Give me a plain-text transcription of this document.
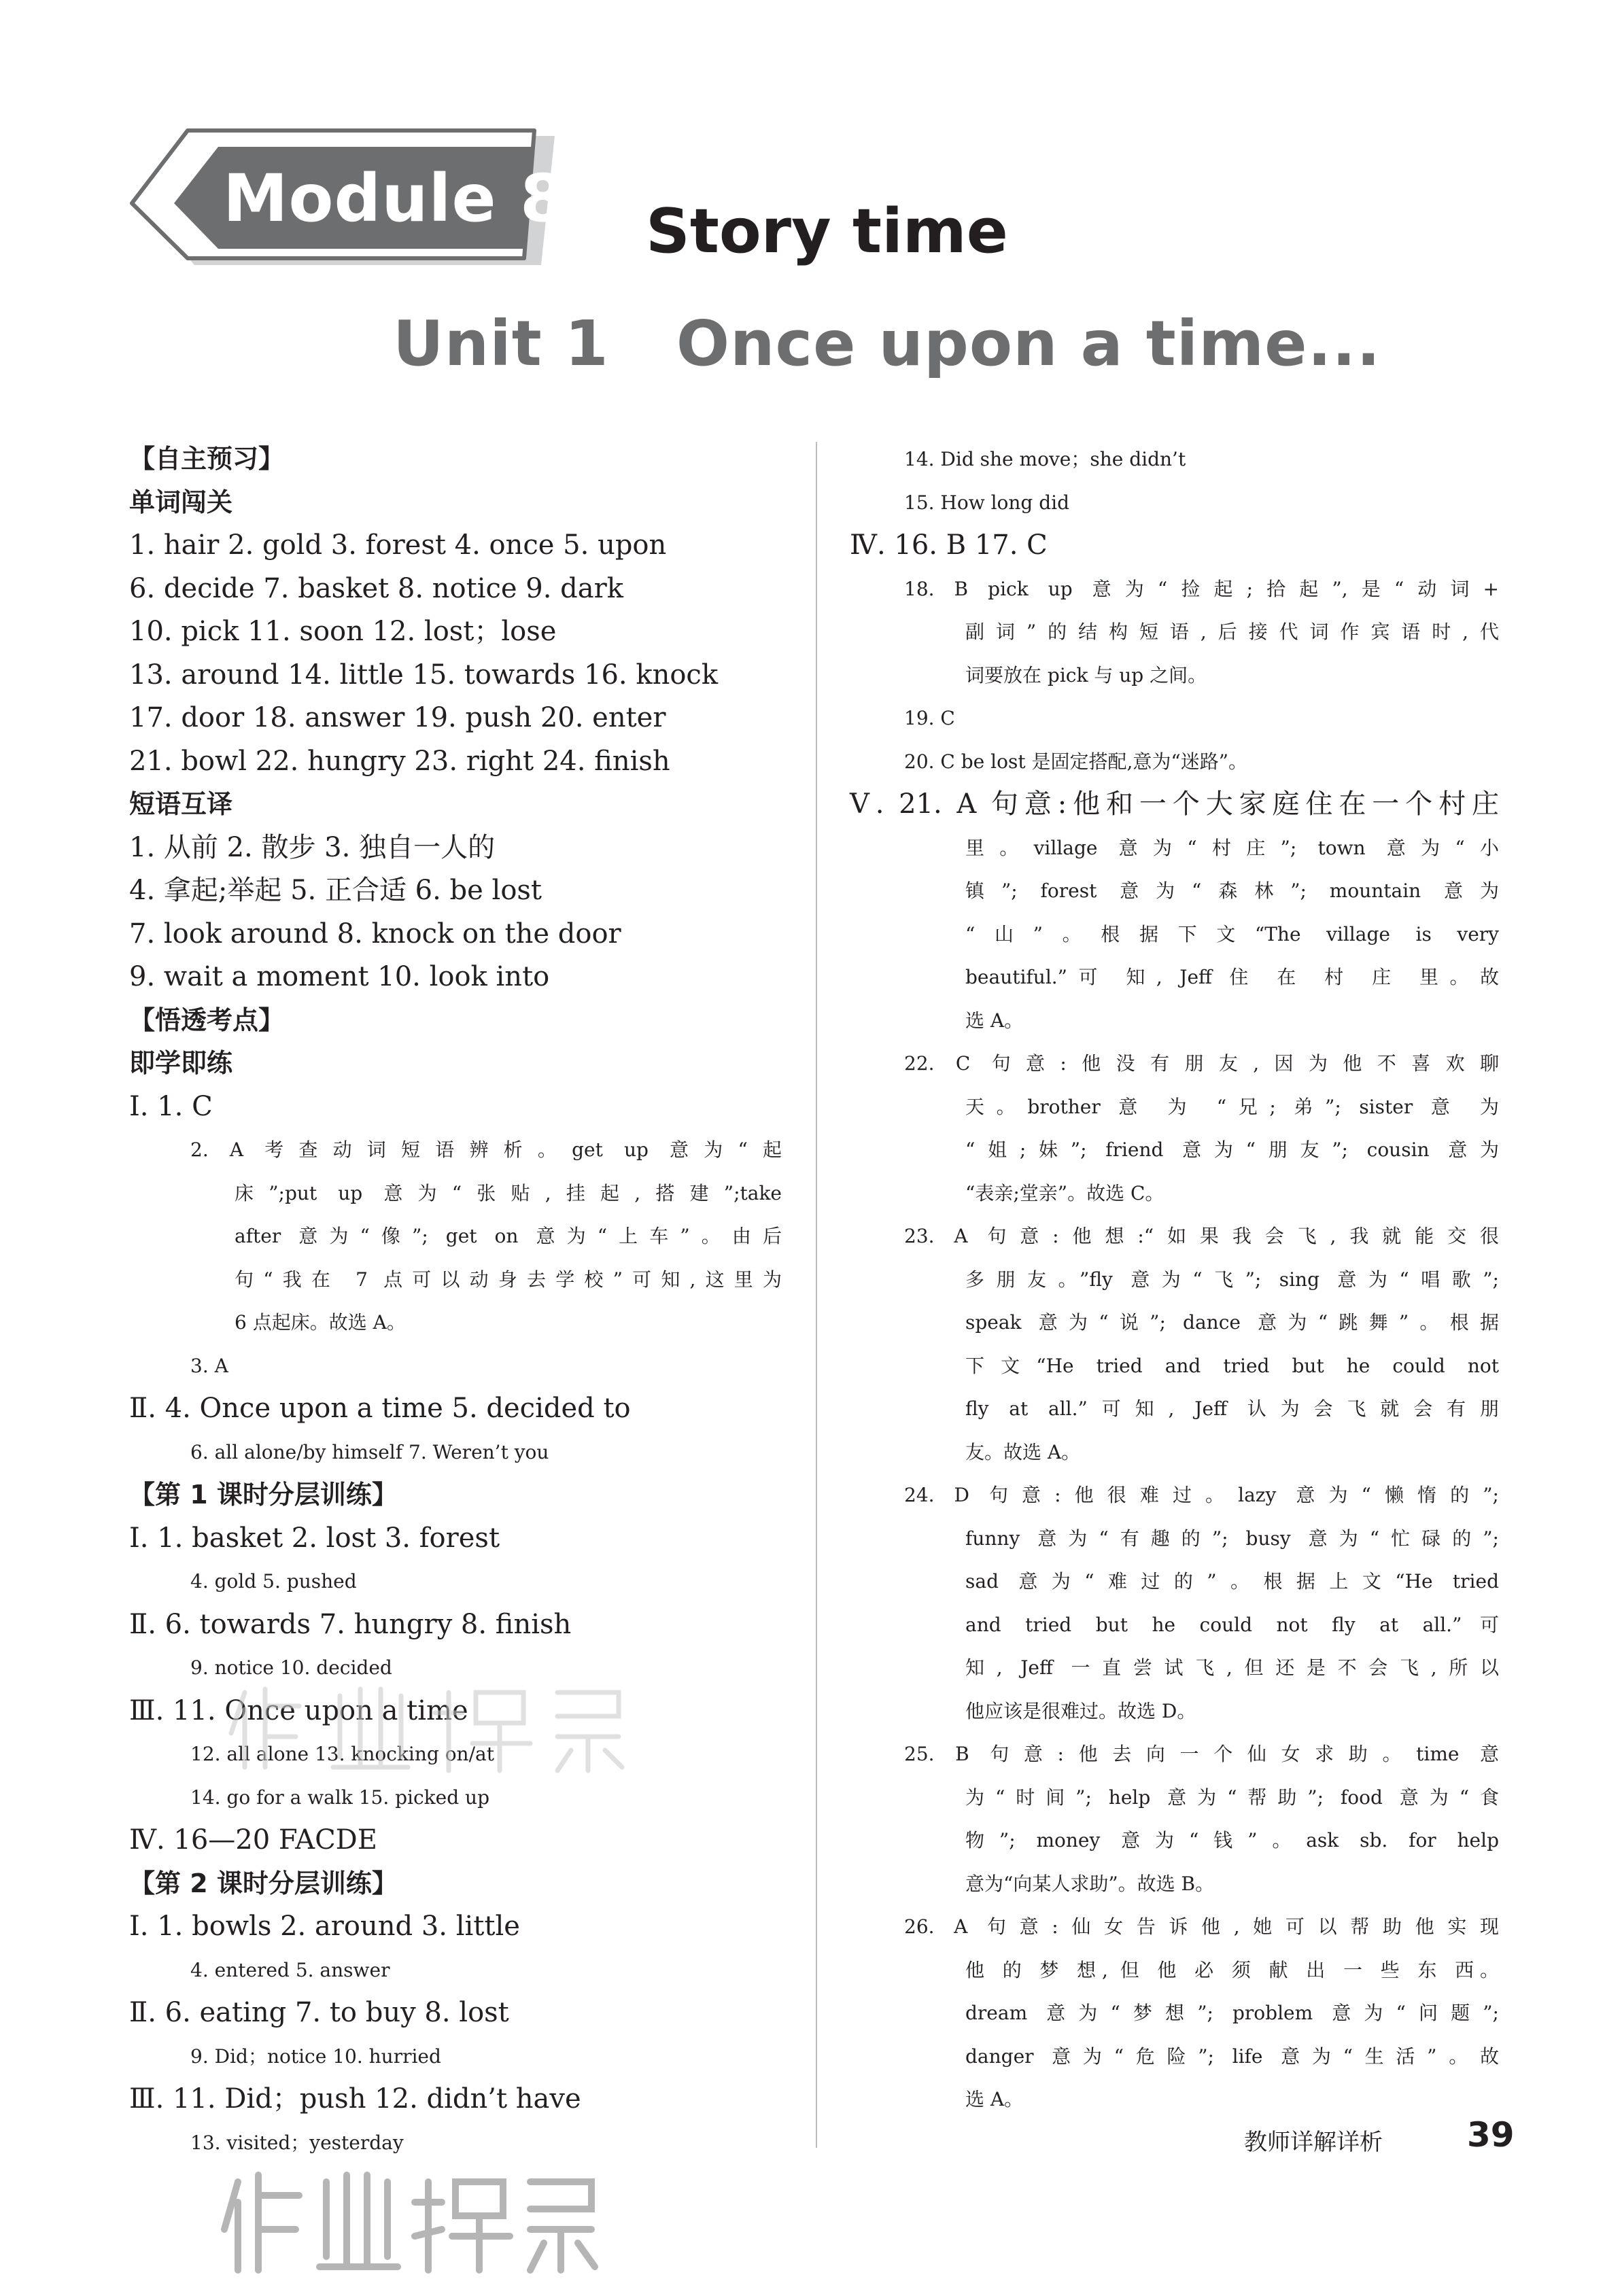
Module 8 Story time
Unit 1   Once upon a time...
【自主预习】
单词闯关
1. hair 2. gold 3. forest 4. once 5. upon
6. decide 7. basket 8. notice 9. dark
10. pick 11. soon 12. lost；lose
13. around 14. little 15. towards 16. knock
17. door 18. answer 19. push 20. enter
21. bowl 22. hungry 23. right 24. finish
短语互译
1. 从前 2. 散步 3. 独自一人的
4. 拿起;举起 5. 正合适 6. be lost
7. look around 8. knock on the door
9. wait a moment 10. look into
【悟透考点】
即学即练
Ⅰ. 1. C
2. A 考查动词短语辨析。get up 意为“起
床”;put up 意为“张贴,挂起,搭建”;take
after 意为“像”; get on 意为“上车”。由后
句“我在 7 点可以动身去学校”可知,这里为
6 点起床。故选 A。
3. A
Ⅱ. 4. Once upon a time 5. decided to
6. all alone/by himself 7. Weren’t you
【第 1 课时分层训练】
Ⅰ. 1. basket 2. lost 3. forest
4. gold 5. pushed
Ⅱ. 6. towards 7. hungry 8. finish
9. notice 10. decided
Ⅲ. 11. Once upon a time
12. all alone 13. knocking on/at
14. go for a walk 15. picked up
Ⅳ. 16—20 FACDE
【第 2 课时分层训练】
Ⅰ. 1. bowls 2. around 3. little
4. entered 5. answer
Ⅱ. 6. eating 7. to buy 8. lost
9. Did；notice 10. hurried
Ⅲ. 11. Did；push 12. didn’t have
13. visited；yesterday
14. Did she move；she didn’t
15. How long did
Ⅳ. 16. B 17. C
18. B pick up 意为“捡起;拾起”,是“动词+
副词”的结构短语,后接代词作宾语时,代
词要放在 pick 与 up 之间。
19. C
20. C be lost 是固定搭配,意为“迷路”。
Ⅴ. 21. A 句意:他和一个大家庭住在一个村庄
里。village 意为“村庄”; town 意为“小
镇”; forest 意为“森林”; mountain 意为
“山”。根据下文“The village is very
beautiful.”可 知, Jeff 住 在 村 庄 里。故
选 A。
22. C 句意:他没有朋友,因为他不喜欢聊
天。brother 意 为 “兄; 弟”; sister 意 为
“姐;妹”; friend 意为“朋友”; cousin 意为
“表亲;堂亲”。故选 C。
23. A 句意:他想:“如果我会飞,我就能交很
多朋友。”fly 意为“飞”; sing 意为“唱歌”;
speak 意为“说”; dance 意为“跳舞”。根据
下文“He tried and tried but he could not
fly at all.”可知, Jeff 认为会飞就会有朋
友。故选 A。
24. D 句意:他很难过。lazy 意为“懒惰的”;
funny 意为“有趣的”; busy 意为“忙碌的”;
sad 意为“难过的”。根据上文“He tried
and tried but he could not fly at all.”可
知, Jeff 一直尝试飞,但还是不会飞,所以
他应该是很难过。故选 D。
25. B 句意:他去向一个仙女求助。time 意
为“时间”; help 意为“帮助”; food 意为“食
物”; money 意为“钱”。ask sb. for help
意为“向某人求助”。故选 B。
26. A 句意:仙女告诉他,她可以帮助他实现
他 的 梦 想, 但 他 必 须 献 出 一 些 东 西。
dream 意为“梦想”; problem 意为“问题”;
danger 意为“危险”; life 意为“生活”。故
选 A。
教师详解详析 39
